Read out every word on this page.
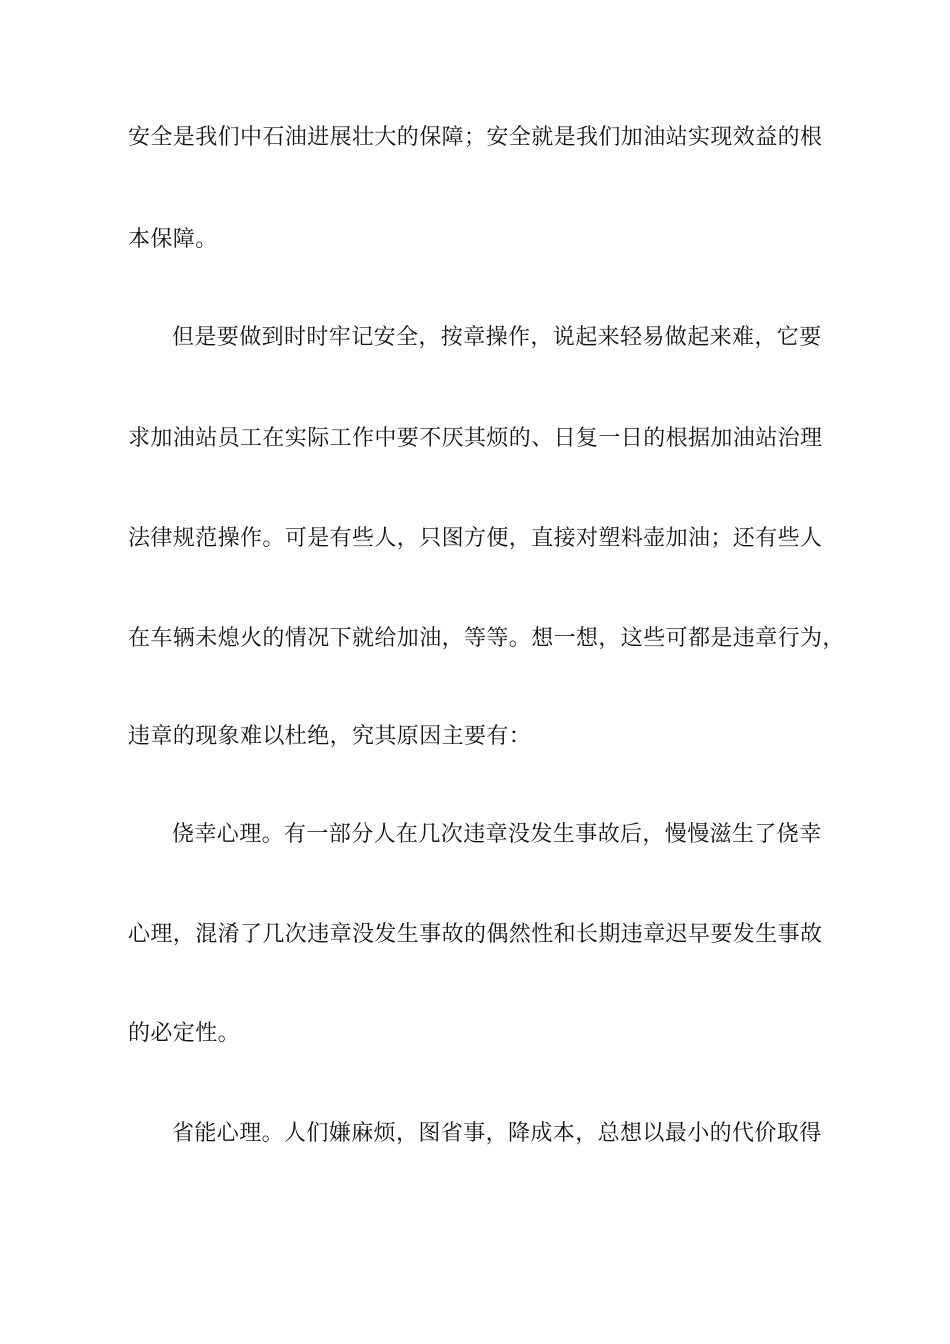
安全是我们中石油进展壮大的保障；安全就是我们加油站实现效益的根
本保障。
但是要做到时时牢记安全，按章操作，说起来轻易做起来难，它要
求加油站员工在实际工作中要不厌其烦的、日复一日的根据加油站治理
法律规范操作。可是有些人，只图方便，直接对塑料壶加油；还有些人
在车辆未熄火的情况下就给加油，等等。想一想，这些可都是违章行为，
违章的现象难以杜绝，究其原因主要有：
侥幸心理。有一部分人在几次违章没发生事故后，慢慢滋生了侥幸
心理，混淆了几次违章没发生事故的偶然性和长期违章迟早要发生事故
的必定性。
省能心理。人们嫌麻烦，图省事，降成本，总想以最小的代价取得
